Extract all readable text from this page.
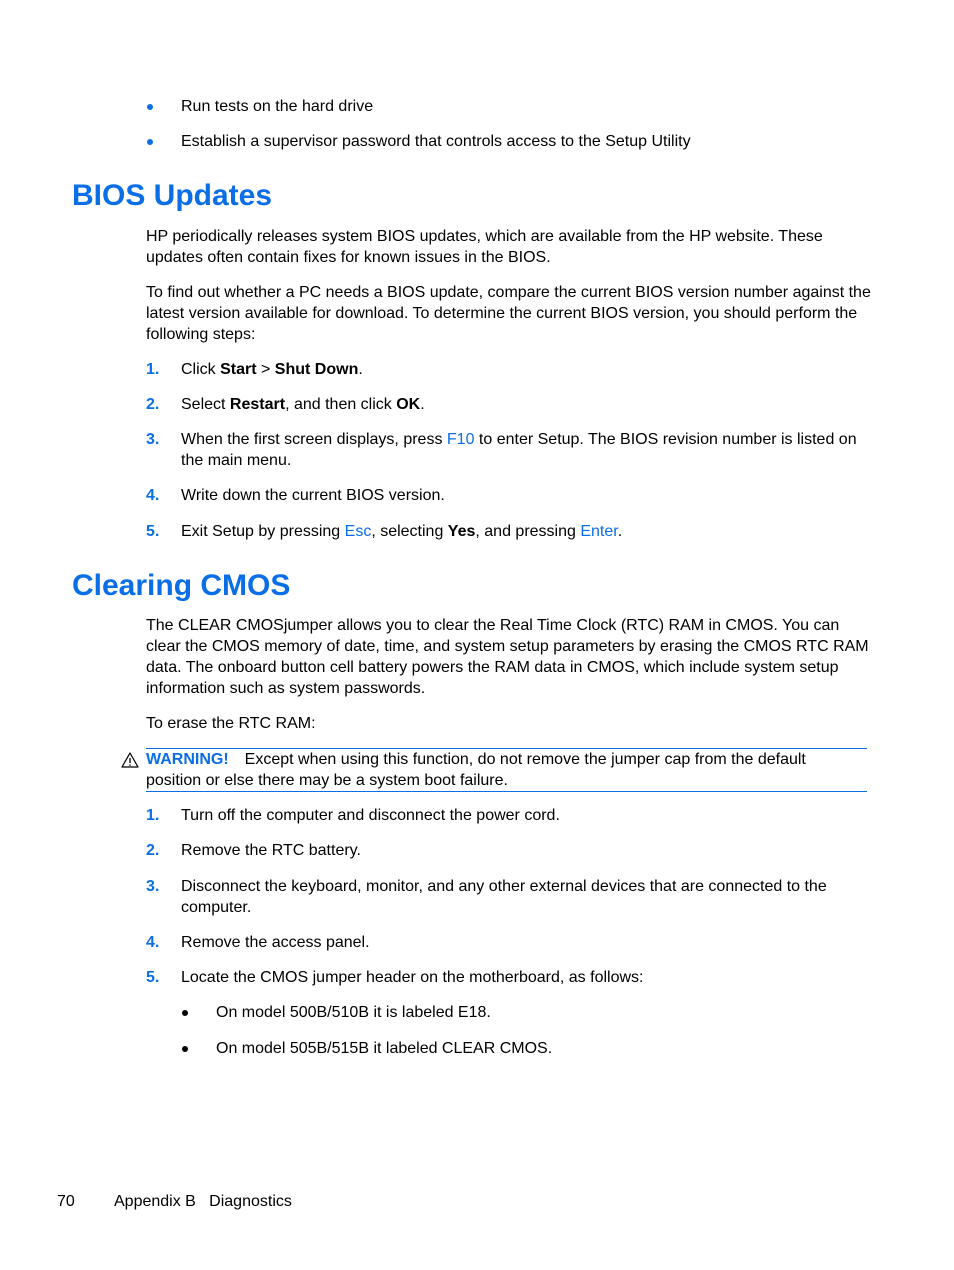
Run tests on the hard drive
Establish a supervisor password that controls access to the Setup Utility
BIOS Updates
HP periodically releases system BIOS updates, which are available from the HP website. These updates often contain fixes for known issues in the BIOS.
To find out whether a PC needs a BIOS update, compare the current BIOS version number against the latest version available for download. To determine the current BIOS version, you should perform the following steps:
1. Click Start > Shut Down.
2. Select Restart, and then click OK.
3. When the first screen displays, press F10 to enter Setup. The BIOS revision number is listed on the main menu.
4. Write down the current BIOS version.
5. Exit Setup by pressing Esc, selecting Yes, and pressing Enter.
Clearing CMOS
The CLEAR CMOSjumper allows you to clear the Real Time Clock (RTC) RAM in CMOS. You can clear the CMOS memory of date, time, and system setup parameters by erasing the CMOS RTC RAM data. The onboard button cell battery powers the RAM data in CMOS, which include system setup information such as system passwords.
To erase the RTC RAM:
WARNING! Except when using this function, do not remove the jumper cap from the default position or else there may be a system boot failure.
1. Turn off the computer and disconnect the power cord.
2. Remove the RTC battery.
3. Disconnect the keyboard, monitor, and any other external devices that are connected to the computer.
4. Remove the access panel.
5. Locate the CMOS jumper header on the motherboard, as follows:
On model 500B/510B it is labeled E18.
On model 505B/515B it labeled CLEAR CMOS.
70 Appendix B   Diagnostics
